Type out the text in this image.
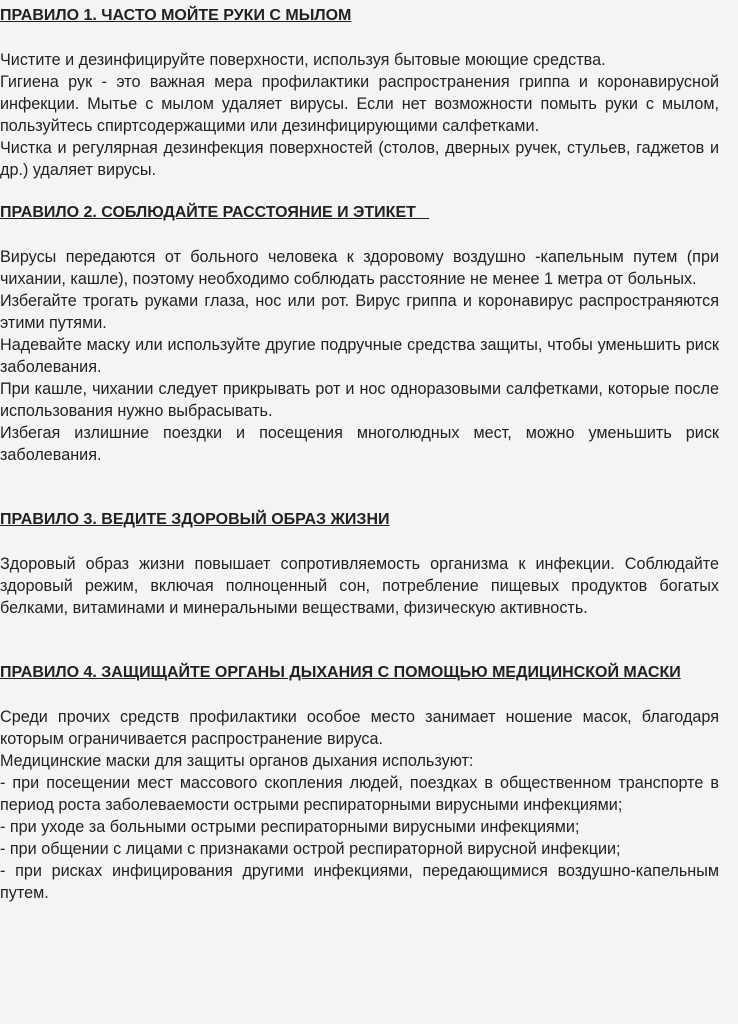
ПРАВИЛО 1. ЧАСТО МОЙТЕ РУКИ С МЫЛОМ

Чистите и дезинфицируйте поверхности, используя бытовые моющие средства.

Гигиена рук - это важная мера профилактики распространения гриппа и коронавирусной инфекции. Мытье с мылом удаляет вирусы. Если нет возможности помыть руки с мылом, пользуйтесь спиртсодержащими или дезинфицирующими салфетками.

Чистка и регулярная дезинфекция поверхностей (столов, дверных ручек, стульев, гаджетов и др.) удаляет вирусы.

ПРАВИЛО 2. СОБЛЮДАЙТЕ РАССТОЯНИЕ И ЭТИКЕТ

Вирусы передаются от больного человека к здоровому воздушно -капельным путем (при чихании, кашле), поэтому необходимо соблюдать расстояние не менее 1 метра от больных.

Избегайте трогать руками глаза, нос или рот. Вирус гриппа и коронавирус распространяются этими путями.

Надевайте маску или используйте другие подручные средства защиты, чтобы уменьшить риск заболевания.

При кашле, чихании следует прикрывать рот и нос одноразовыми салфетками, которые после использования нужно выбрасывать.

Избегая излишние поездки и посещения многолюдных мест, можно уменьшить риск заболевания.

ПРАВИЛО 3. ВЕДИТЕ ЗДОРОВЫЙ ОБРАЗ ЖИЗНИ

Здоровый образ жизни повышает сопротивляемость организма к инфекции. Соблюдайте здоровый режим, включая полноценный сон, потребление пищевых продуктов богатых белками, витаминами и минеральными веществами, физическую активность.

ПРАВИЛО 4. ЗАЩИЩАЙТЕ ОРГАНЫ ДЫХАНИЯ С ПОМОЩЬЮ МЕДИЦИНСКОЙ МАСКИ

Среди прочих средств профилактики особое место занимает ношение масок, благодаря которым ограничивается распространение вируса.

Медицинские маски для защиты органов дыхания используют:

- при посещении мест массового скопления людей, поездках в общественном транспорте в период роста заболеваемости острыми респираторными вирусными инфекциями;

- при уходе за больными острыми респираторными вирусными инфекциями;

- при общении с лицами с признаками острой респираторной вирусной инфекции;

- при рисках инфицирования другими инфекциями, передающимися воздушно-капельным путем.
